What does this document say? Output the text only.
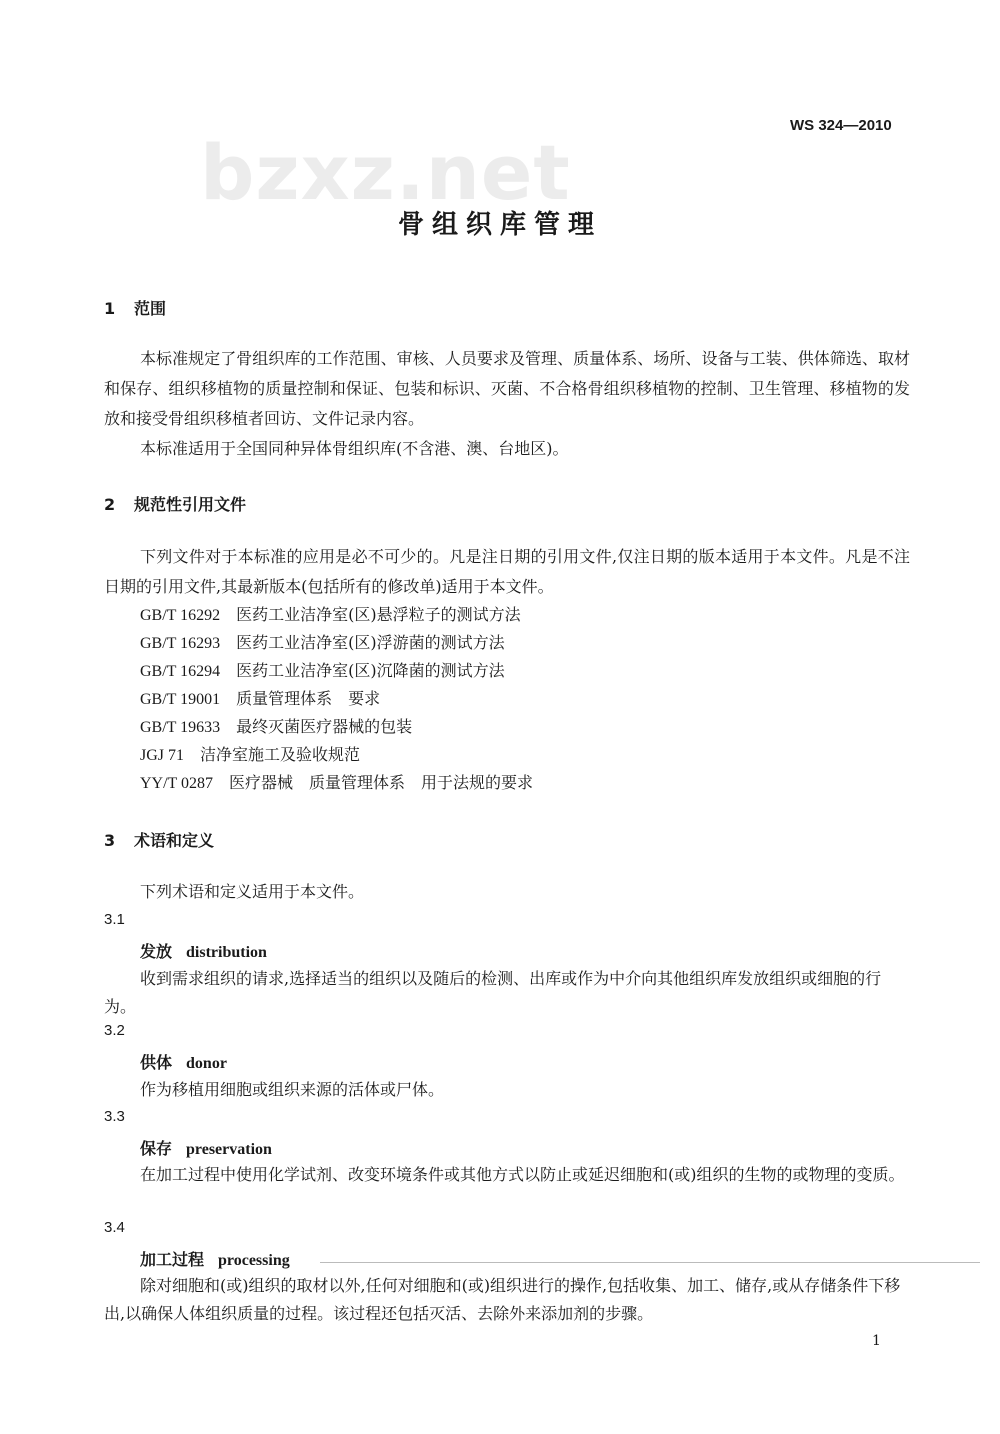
bzxz.net
WS 324—2010
骨组织库管理
1 范围
本标准规定了骨组织库的工作范围、审核、人员要求及管理、质量体系、场所、设备与工装、供体筛选、取材和保存、组织移植物的质量控制和保证、包装和标识、灭菌、不合格骨组织移植物的控制、卫生管理、移植物的发放和接受骨组织移植者回访、文件记录内容。
本标准适用于全国同种异体骨组织库(不含港、澳、台地区)。
2 规范性引用文件
下列文件对于本标准的应用是必不可少的。凡是注日期的引用文件,仅注日期的版本适用于本文件。凡是不注日期的引用文件,其最新版本(包括所有的修改单)适用于本文件。
GB/T 16292 医药工业洁净室(区)悬浮粒子的测试方法
GB/T 16293 医药工业洁净室(区)浮游菌的测试方法
GB/T 16294 医药工业洁净室(区)沉降菌的测试方法
GB/T 19001 质量管理体系　要求
GB/T 19633 最终灭菌医疗器械的包装
JGJ 71 洁净室施工及验收规范
YY/T 0287 医疗器械　质量管理体系　用于法规的要求
3 术语和定义
下列术语和定义适用于本文件。
3.1
发放 distribution
收到需求组织的请求,选择适当的组织以及随后的检测、出库或作为中介向其他组织库发放组织或细胞的行为。
3.2
供体 donor
作为移植用细胞或组织来源的活体或尸体。
3.3
保存 preservation
在加工过程中使用化学试剂、改变环境条件或其他方式以防止或延迟细胞和(或)组织的生物的或物理的变质。
3.4
加工过程 processing
除对细胞和(或)组织的取材以外,任何对细胞和(或)组织进行的操作,包括收集、加工、储存,或从存储条件下移出,以确保人体组织质量的过程。该过程还包括灭活、去除外来添加剂的步骤。
1
